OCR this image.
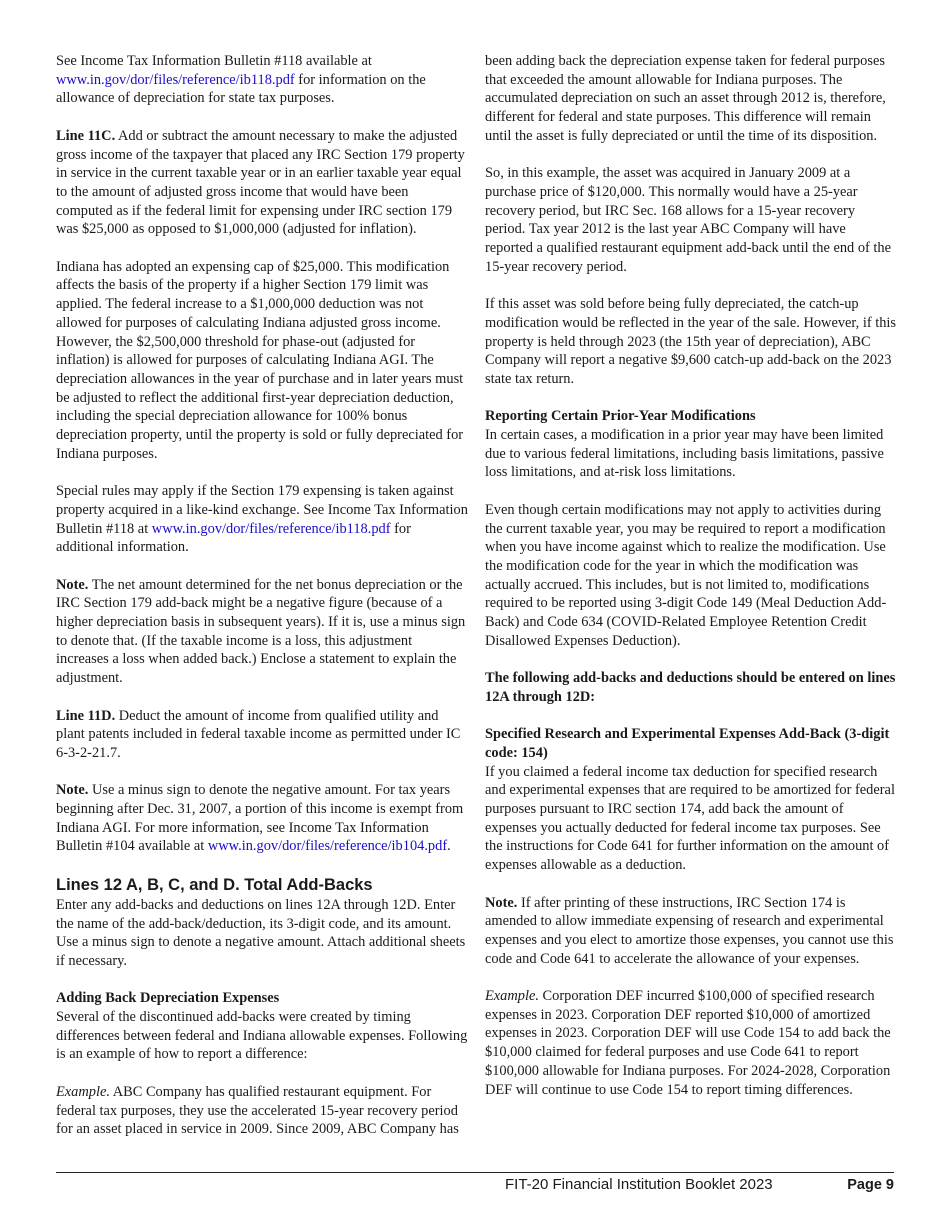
See Income Tax Information Bulletin #118 available at www.in.gov/dor/files/reference/ib118.pdf for information on the allowance of depreciation for state tax purposes.

Line 11C. Add or subtract the amount necessary to make the adjusted gross income of the taxpayer that placed any IRC Section 179 property in service in the current taxable year or in an earlier taxable year equal to the amount of adjusted gross income that would have been computed as if the federal limit for expensing under IRC section 179 was $25,000 as opposed to $1,000,000 (adjusted for inflation).

Indiana has adopted an expensing cap of $25,000. This modification affects the basis of the property if a higher Section 179 limit was applied. The federal increase to a $1,000,000 deduction was not allowed for purposes of calculating Indiana adjusted gross income. However, the $2,500,000 threshold for phase-out (adjusted for inflation) is allowed for purposes of calculating Indiana AGI. The depreciation allowances in the year of purchase and in later years must be adjusted to reflect the additional first-year depreciation deduction, including the special depreciation allowance for 100% bonus depreciation property, until the property is sold or fully depreciated for Indiana purposes.

Special rules may apply if the Section 179 expensing is taken against property acquired in a like-kind exchange. See Income Tax Information Bulletin #118 at www.in.gov/dor/files/reference/ib118.pdf for additional information.

Note. The net amount determined for the net bonus depreciation or the IRC Section 179 add-back might be a negative figure (because of a higher depreciation basis in subsequent years). If it is, use a minus sign to denote that. (If the taxable income is a loss, this adjustment increases a loss when added back.) Enclose a statement to explain the adjustment.

Line 11D. Deduct the amount of income from qualified utility and plant patents included in federal taxable income as permitted under IC 6-3-2-21.7.

Note. Use a minus sign to denote the negative amount. For tax years beginning after Dec. 31, 2007, a portion of this income is exempt from Indiana AGI. For more information, see Income Tax Information Bulletin #104 available at www.in.gov/dor/files/reference/ib104.pdf.

Lines 12 A, B, C, and D. Total Add-Backs

Enter any add-backs and deductions on lines 12A through 12D. Enter the name of the add-back/deduction, its 3-digit code, and its amount. Use a minus sign to denote a negative amount. Attach additional sheets if necessary.

Adding Back Depreciation Expenses

Several of the discontinued add-backs were created by timing differences between federal and Indiana allowable expenses. Following is an example of how to report a difference:

Example. ABC Company has qualified restaurant equipment. For federal tax purposes, they use the accelerated 15-year recovery period for an asset placed in service in 2009. Since 2009, ABC Company has

been adding back the depreciation expense taken for federal purposes that exceeded the amount allowable for Indiana purposes. The accumulated depreciation on such an asset through 2012 is, therefore, different for federal and state purposes. This difference will remain until the asset is fully depreciated or until the time of its disposition.

So, in this example, the asset was acquired in January 2009 at a purchase price of $120,000. This normally would have a 25-year recovery period, but IRC Sec. 168 allows for a 15-year recovery period. Tax year 2012 is the last year ABC Company will have reported a qualified restaurant equipment add-back until the end of the 15-year recovery period.

If this asset was sold before being fully depreciated, the catch-up modification would be reflected in the year of the sale. However, if this property is held through 2023 (the 15th year of depreciation), ABC Company will report a negative $9,600 catch-up add-back on the 2023 state tax return.

Reporting Certain Prior-Year Modifications

In certain cases, a modification in a prior year may have been limited due to various federal limitations, including basis limitations, passive loss limitations, and at-risk loss limitations.

Even though certain modifications may not apply to activities during the current taxable year, you may be required to report a modification when you have income against which to realize the modification. Use the modification code for the year in which the modification was actually accrued. This includes, but is not limited to, modifications required to be reported using 3-digit Code 149 (Meal Deduction Add-Back) and Code 634 (COVID-Related Employee Retention Credit Disallowed Expenses Deduction).

The following add-backs and deductions should be entered on lines 12A through 12D:

Specified Research and Experimental Expenses Add-Back (3-digit code: 154)

If you claimed a federal income tax deduction for specified research and experimental expenses that are required to be amortized for federal purposes pursuant to IRC section 174, add back the amount of expenses you actually deducted for federal income tax purposes. See the instructions for Code 641 for further information on the amount of expenses allowable as a deduction.

Note. If after printing of these instructions, IRC Section 174 is amended to allow immediate expensing of research and experimental expenses and you elect to amortize those expenses, you cannot use this code and Code 641 to accelerate the allowance of your expenses.

Example. Corporation DEF incurred $100,000 of specified research expenses in 2023. Corporation DEF reported $10,000 of amortized expenses in 2023. Corporation DEF will use Code 154 to add back the $10,000 claimed for federal purposes and use Code 641 to report $100,000 allowable for Indiana purposes. For 2024-2028, Corporation DEF will continue to use Code 154 to report timing differences.

FIT-20 Financial Institution Booklet 2023	Page 9
